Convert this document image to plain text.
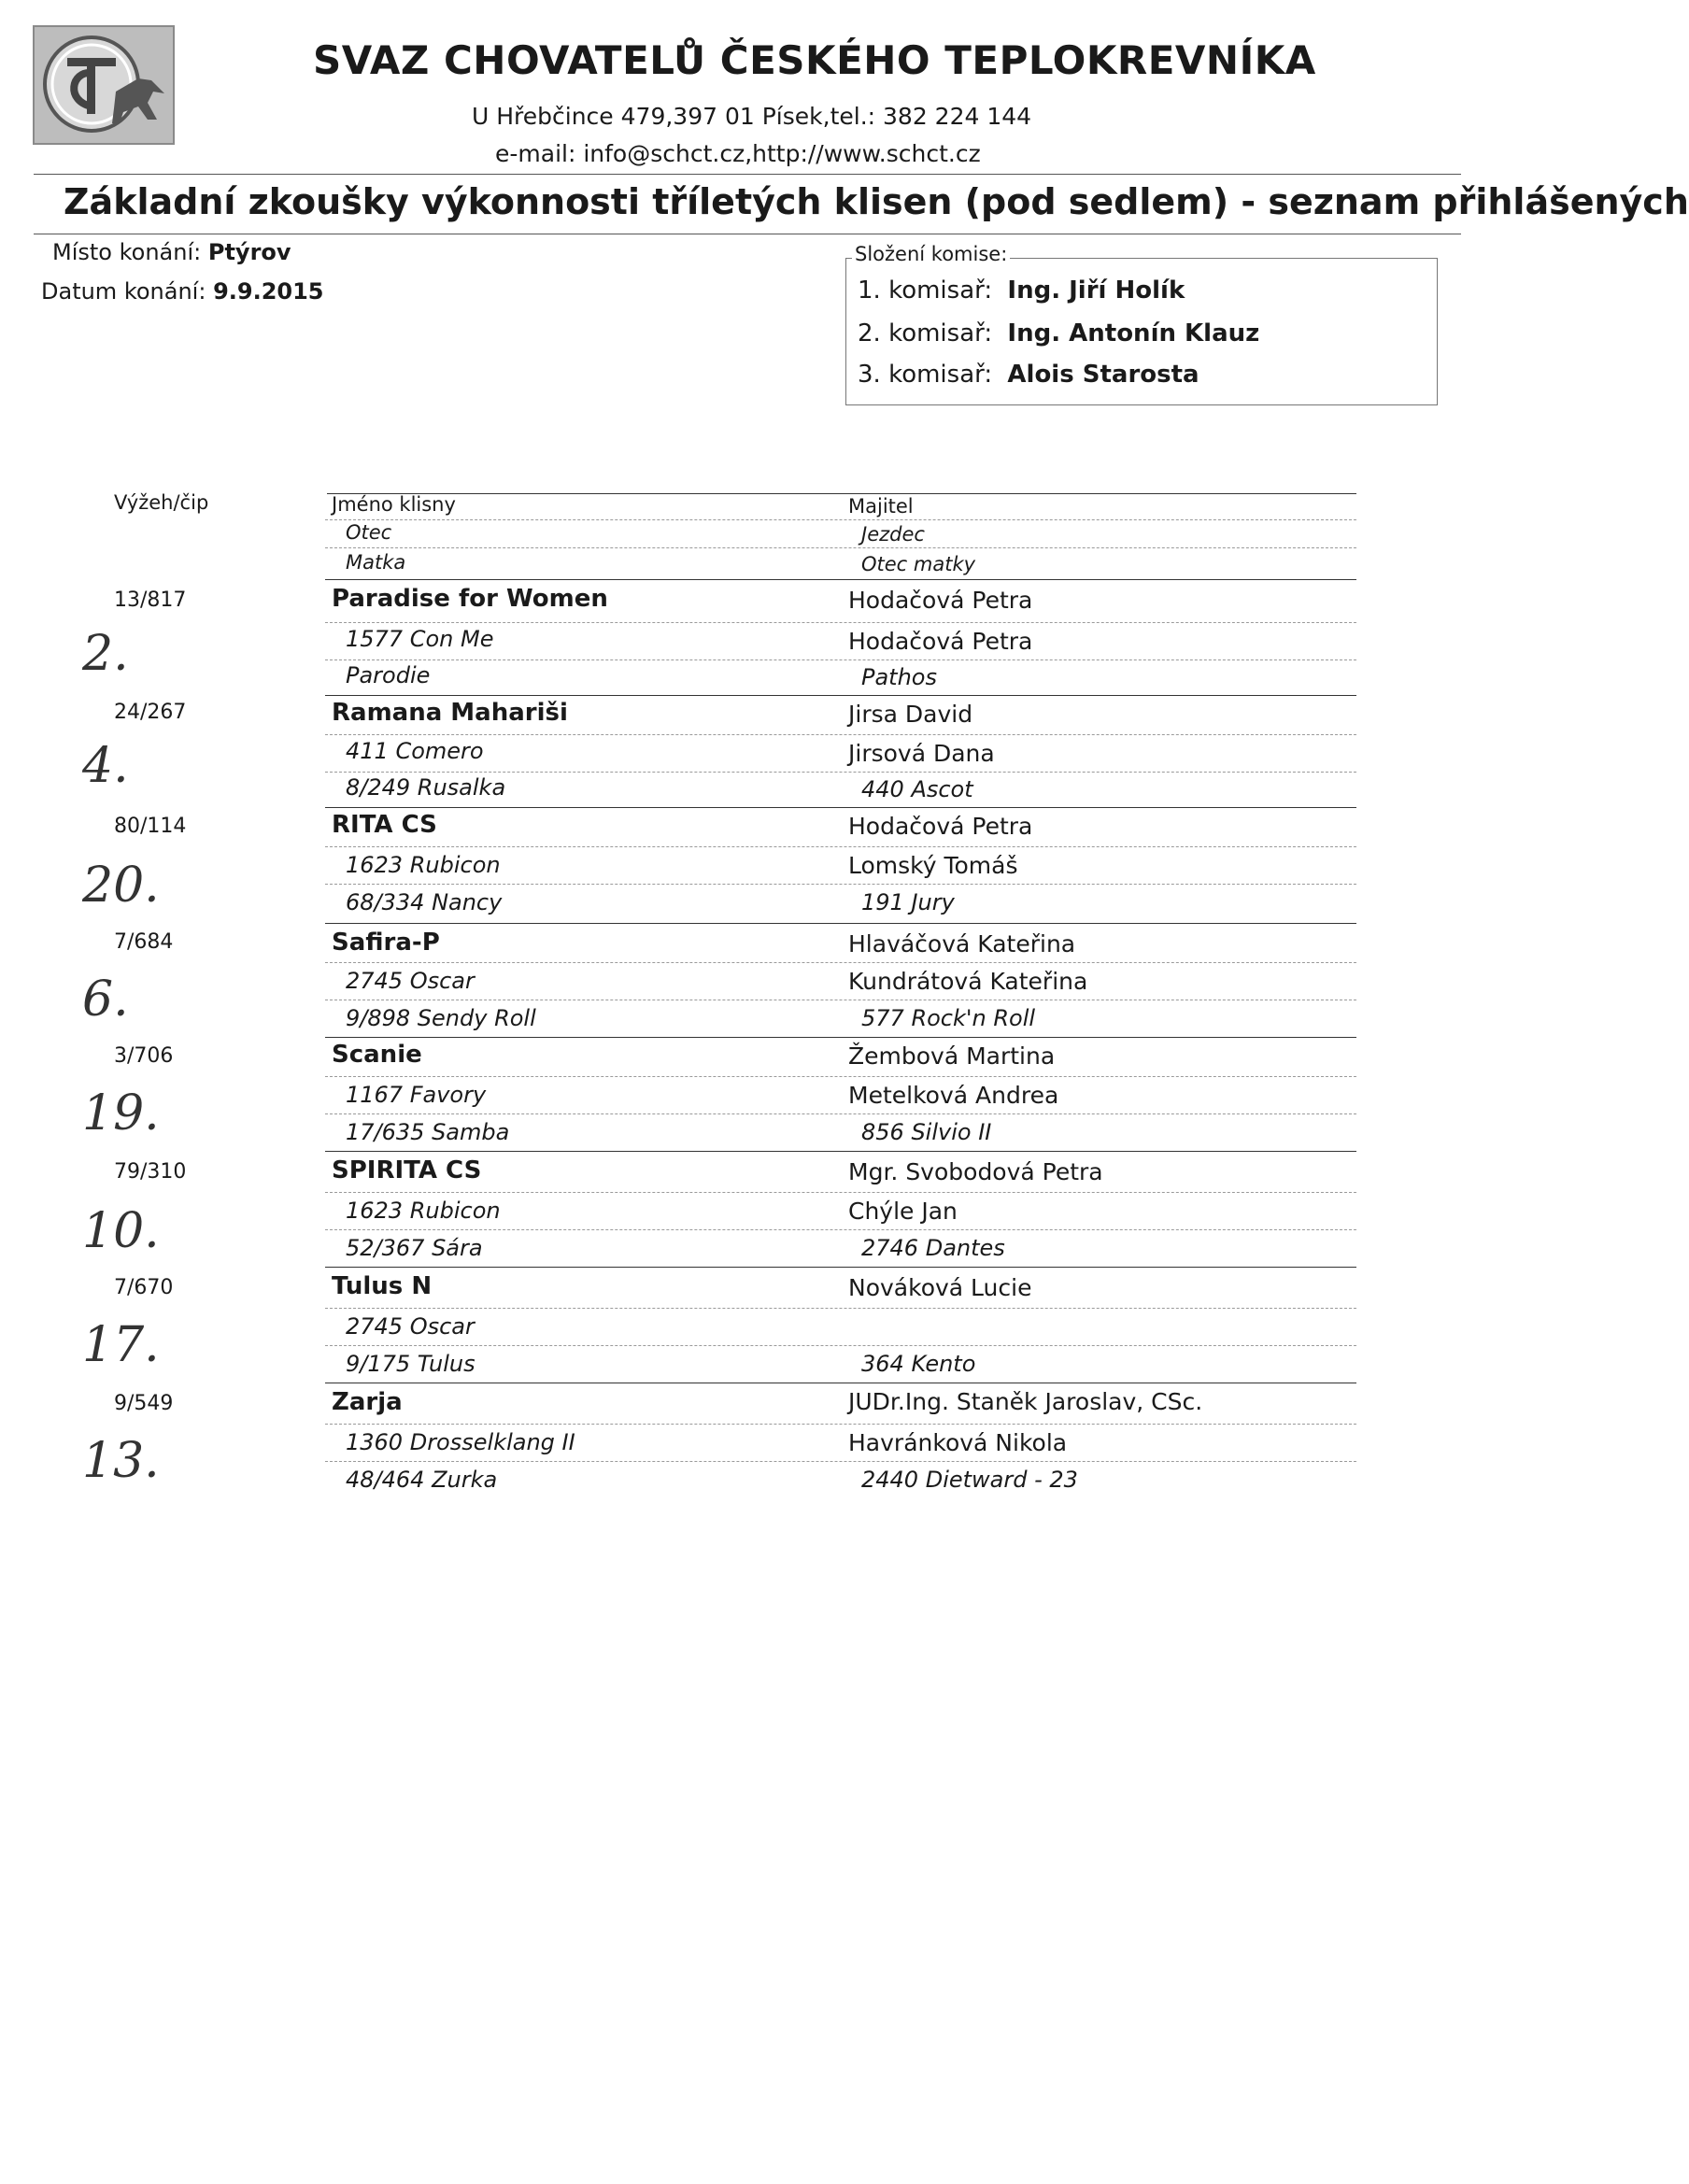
SVAZ CHOVATELŮ ČESKÉHO TEPLOKREVNÍKA
U Hřebčince 479,397 01 Písek,tel.: 382 224 144
e-mail: info@schct.cz,http://www.schct.cz
Základní zkoušky výkonnosti tříletých klisen (pod sedlem) - seznam přihlášených
Místo konání: Ptýrov
Datum konání: 9.9.2015
Složení komise:
1. komisař: Ing. Jiří Holík
2. komisař: Ing. Antonín Klauz
3. komisař: Alois Starosta
Výžeh/čip	Jméno klisny
Otec
Matka
Majitel
Jezdec
Otec matky
13/817
2.
Paradise for Women
1577 Con Me
Parodie
Hodačová Petra
Hodačová Petra
Pathos
24/267
4.
Ramana Mahariši
411 Comero
8/249 Rusalka
Jirsa David
Jirsová Dana
440 Ascot
80/114
20.
RITA CS
1623 Rubicon
68/334 Nancy
Hodačová Petra
Lomský Tomáš
191 Jury
7/684
6.
Safira-P
2745 Oscar
9/898 Sendy Roll
Hlaváčová Kateřina
Kundrátová Kateřina
577 Rock'n Roll
3/706
19.
Scanie
1167 Favory
17/635 Samba
Žembová Martina
Metelková Andrea
856 Silvio II
79/310
10.
SPIRITA CS
1623 Rubicon
52/367 Sára
Mgr. Svobodová Petra
Chýle Jan
2746 Dantes
7/670
17.
Tulus N
2745 Oscar
9/175 Tulus
Nováková Lucie
364 Kento
9/549
13.
Zarja
1360 Drosselklang II
48/464 Zurka
JUDr.Ing. Staněk Jaroslav, CSc.
Havránková Nikola
2440 Dietward - 23
